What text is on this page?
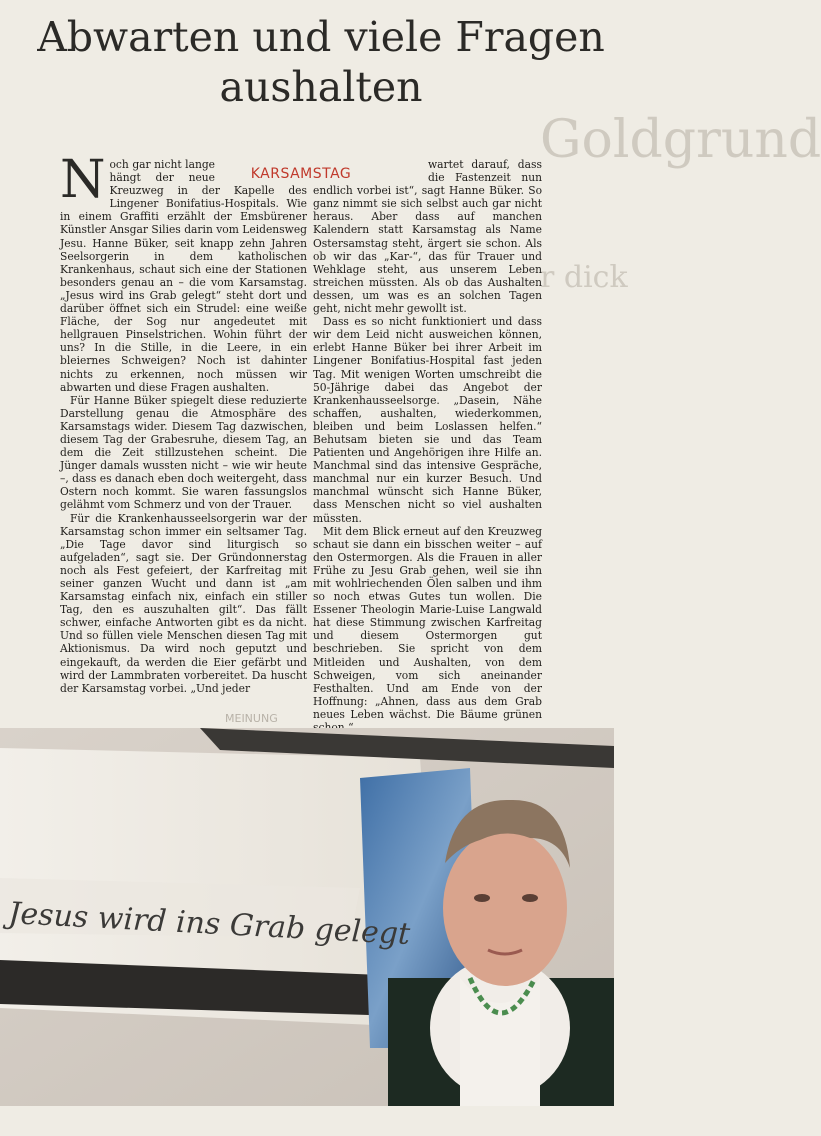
Abwarten und viele Fragen aushalten
Goldgrund
r dick
KARSAMSTAG

Noch gar nicht lange hängt der neue Kreuzweg in der Kapelle des Lingener Bonifatius-Hospitals. Wie in einem Graffiti erzählt der Emsbürener Künstler Ansgar Silies darin vom Leidensweg Jesu. Hanne Büker, seit knapp zehn Jahren Seelsorgerin in dem katholischen Krankenhaus, schaut sich eine der Stationen besonders genau an – die vom Karsamstag. „Jesus wird ins Grab gelegt“ steht dort und darüber öffnet sich ein Strudel: eine weiße Fläche, der Sog nur angedeutet mit hellgrauen Pinselstrichen. Wohin führt der uns? In die Stille, in die Leere, in ein bleiernes Schweigen? Noch ist dahinter nichts zu erkennen, noch müssen wir abwarten und diese Fragen aushalten.

Für Hanne Büker spiegelt diese reduzierte Darstellung genau die Atmosphäre des Karsamstags wider. Diesem Tag dazwischen, diesem Tag der Grabesruhe, diesem Tag, an dem die Zeit stillzustehen scheint. Die Jünger damals wussten nicht – wie wir heute –, dass es danach eben doch weitergeht, dass Ostern noch kommt. Sie waren fassungslos gelähmt vom Schmerz und von der Trauer.

Für die Krankenhausseelsorgerin war der Karsamstag schon immer ein seltsamer Tag. „Die Tage davor sind liturgisch so aufgeladen“, sagt sie. Der Gründonnerstag noch als Fest gefeiert, der Karfreitag mit seiner ganzen Wucht und dann ist „am Karsamstag einfach nix, einfach ein stiller Tag, den es auszuhalten gilt“. Das fällt schwer, einfache Antworten gibt es da nicht. Und so füllen viele Menschen diesen Tag mit Aktionismus. Da wird noch geputzt und eingekauft, da werden die Eier gefärbt und wird der Lammbraten vorbereitet. Da huscht der Karsamstag vorbei. „Und jeder

wartet darauf, dass die Fastenzeit nun endlich vorbei ist“, sagt Hanne Büker. So ganz nimmt sie sich selbst auch gar nicht heraus. Aber dass auf manchen Kalendern statt Karsamstag als Name Ostersamstag steht, ärgert sie schon. Als ob wir das „Kar-“, das für Trauer und Wehklage steht, aus unserem Leben streichen müssten. Als ob das Aushalten dessen, um was es an solchen Tagen geht, nicht mehr gewollt ist.

Dass es so nicht funktioniert und dass wir dem Leid nicht ausweichen können, erlebt Hanne Büker bei ihrer Arbeit im Lingener Bonifatius-Hospital fast jeden Tag. Mit wenigen Worten umschreibt die 50-Jährige dabei das Angebot der Krankenhausseelsorge. „Dasein, Nähe schaffen, aushalten, wiederkommen, bleiben und beim Loslassen helfen.“ Behutsam bieten sie und das Team Patienten und Angehörigen ihre Hilfe an. Manchmal sind das intensive Gespräche, manchmal nur ein kurzer Besuch. Und manchmal wünscht sich Hanne Büker, dass Menschen nicht so viel aushalten müssten.

Mit dem Blick erneut auf den Kreuzweg schaut sie dann ein bisschen weiter – auf den Ostermorgen. Als die Frauen in aller Frühe zu Jesu Grab gehen, weil sie ihn mit wohlriechenden Ölen salben und ihm so noch etwas Gutes tun wollen. Die Essener Theologin Marie-Luise Langwald hat diese Stimmung zwischen Karfreitag und diesem Ostermorgen gut beschrieben. Sie spricht von dem Mitleiden und Aushalten, von dem Schweigen, vom sich aneinander Festhalten. Und am Ende von der Hoffnung: „Ahnen, dass aus dem Grab neues Leben wächst. Die Bäume grünen

MEINUNG
Jesus wird ins Grab gelegt
